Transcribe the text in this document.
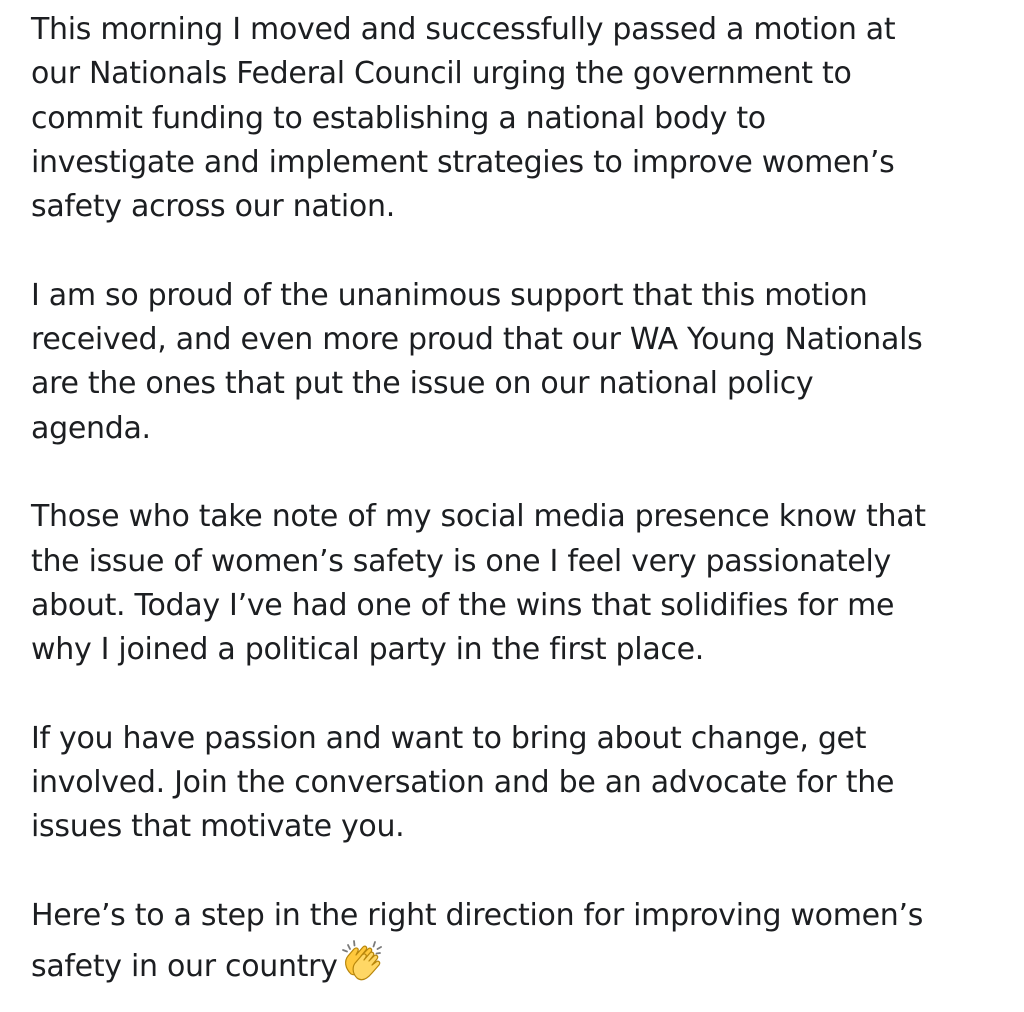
This morning I moved and successfully passed a motion at
our Nationals Federal Council urging the government to
commit funding to establishing a national body to
investigate and implement strategies to improve women’s
safety across our nation.

I am so proud of the unanimous support that this motion
received, and even more proud that our WA Young Nationals
are the ones that put the issue on our national policy
agenda.

Those who take note of my social media presence know that
the issue of women’s safety is one I feel very passionately
about. Today I’ve had one of the wins that solidifies for me
why I joined a political party in the first place.

If you have passion and want to bring about change, get
involved. Join the conversation and be an advocate for the
issues that motivate you.

Here’s to a step in the right direction for improving women’s
safety in our country
